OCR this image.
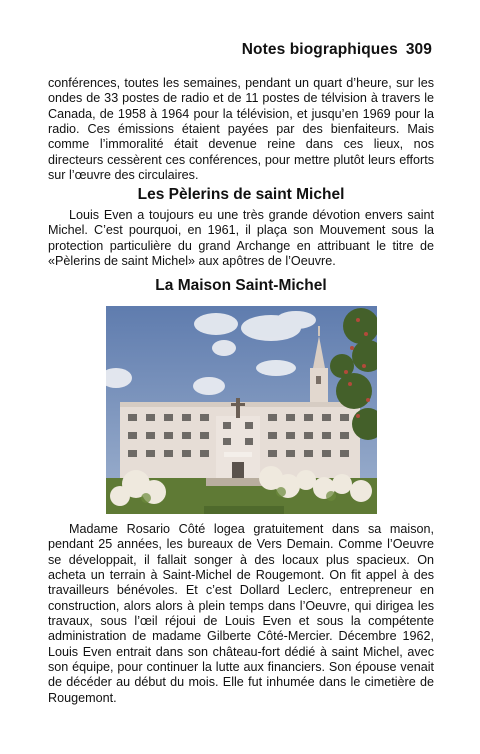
Notes biographiques 309

conférences, toutes les semaines, pendant un quart d’heure, sur les ondes de 33 postes de radio et de 11 postes de télvision à travers le Canada, de 1958 à 1964 pour la télévision, et jusqu’en 1969 pour la radio. Ces émissions étaient payées par des bienfaiteurs. Mais comme l’immoralité était devenue reine dans ces lieux, nos directeurs cessèrent ces conférences, pour mettre plutôt leurs efforts sur l’œuvre des circulaires.

Les Pèlerins de saint Michel

Louis Even a toujours eu une très grande dévotion envers saint Michel. C’est pourquoi, en 1961, il plaça son Mouvement sous la protection particulière du grand Archange en attribuant le titre de «Pèlerins de saint Michel» aux apôtres de l’Oeuvre.

La Maison Saint-Michel

Madame Rosario Côté logea gratuitement dans sa maison, pendant 25 années, les bureaux de Vers Demain. Comme l’Oeuvre se développait, il fallait songer à des locaux plus spacieux. On acheta un terrain à Saint-Michel de Rougemont. On fit appel à des travailleurs bénévoles. Et c’est Dollard Leclerc, entrepreneur en construction, alors alors à plein temps dans l’Oeuvre, qui dirigea les travaux, sous l’œil réjoui de Louis Even et sous la compétente administration de madame Gilberte Côté-Mercier. Décembre 1962, Louis Even entrait dans son château-fort dédié à saint Michel, avec son équipe, pour continuer la lutte aux financiers. Son épouse venait de décéder au début du mois. Elle fut inhumée dans le cimetière de Rougemont.
